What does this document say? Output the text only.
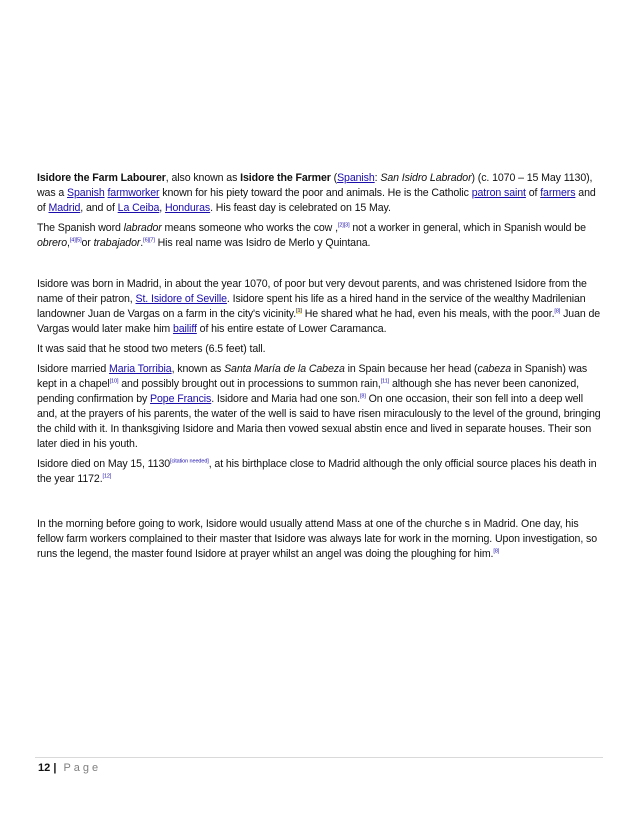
Isidore the Farm Labourer, also known as Isidore the Farmer (Spanish: San Isidro Labrador) (c. 1070 – 15 May 1130), was a Spanish farmworker known for his piety toward the poor and animals. He is the Catholic patron saint of farmers and of Madrid, and of La Ceiba, Honduras. His feast day is celebrated on 15 May.

The Spanish word labrador means someone who works the cow ,[2][3] not a worker in general, which in Spanish would be obrero,[4][5]or trabajador.[6][7] His real name was Isidro de Merlo y Quintana.

Isidore was born in Madrid, in about the year 1070, of poor but very devout parents, and was christened Isidore from the name of their patron, St. Isidore of Seville. Isidore spent his life as a hired hand in the service of the wealthy Madrilenian landowner Juan de Vargas on a farm in the city's vicinity.[1] He shared what he had, even his meals, with the poor.[8] Juan de Vargas would later make him bailiff of his entire estate of Lower Caramanca.

It was said that he stood two meters (6.5 feet) tall.

Isidore married Maria Torribia, known as Santa María de la Cabeza in Spain because her head (cabeza in Spanish) was kept in a chapel[10] and possibly brought out in processions to summon rain,[11] although she has never been canonized, pending confirmation by Pope Francis. Isidore and Maria had one son.[8] On one occasion, their son fell into a deep well and, at the prayers of his parents, the water of the well is said to have risen miraculously to the level of the ground, bringing the child with it. In thanksgiving Isidore and Maria then vowed sexual abstin ence and lived in separate houses. Their son later died in his youth.

Isidore died on May 15, 1130[citation needed], at his birthplace close to Madrid although the only official source places his death in the year 1172.[12]

In the morning before going to work, Isidore would usually attend Mass at one of the churche s in Madrid. One day, his fellow farm workers complained to their master that Isidore was always late for work in the morning. Upon investigation, so runs the legend, the master found Isidore at prayer whilst an angel was doing the ploughing for him.[8]

12 | Page
